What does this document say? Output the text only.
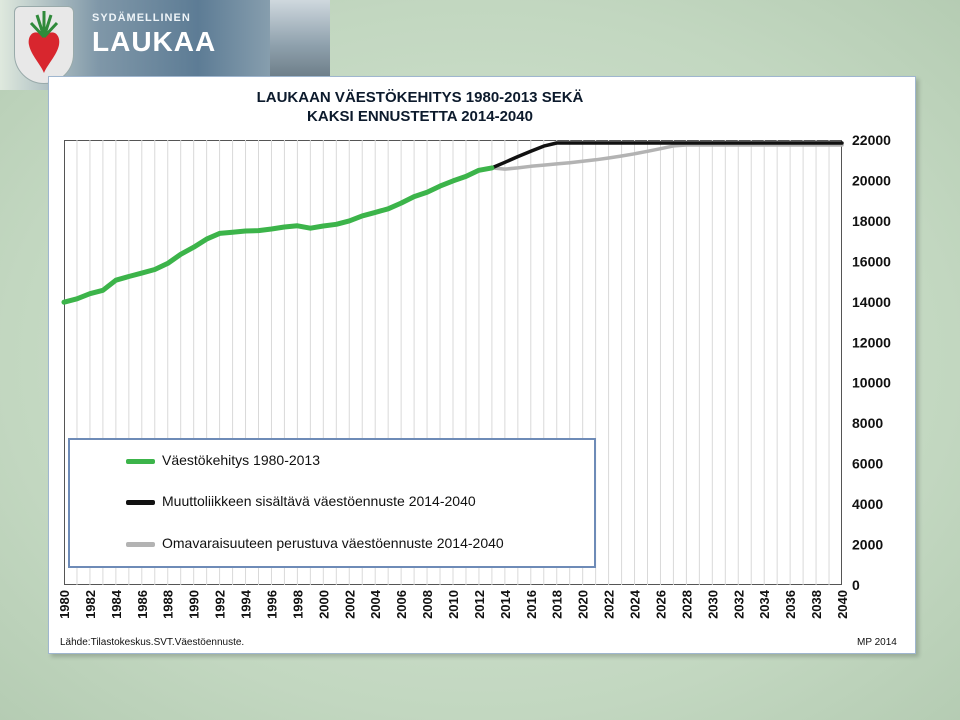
SYDÄMELLINEN
LAUKAA
LAUKAAN VÄESTÖKEHITYS 1980-2013 SEKÄ
KAKSI ENNUSTETTA 2014-2040
0
2000
4000
6000
8000
10000
12000
14000
16000
18000
20000
22000
1980 1982 1984 1986 1988 1990 1992 1994 1996 1998 2000 2002 2004 2006 2008 2010 2012 2014 2016 2018 2020 2022 2024 2026 2028 2030 2032 2034 2036 2038 2040
Väestökehitys 1980-2013
Muuttoliikkeen sisältävä väestöennuste 2014-2040
Omavaraisuuteen perustuva väestöennuste 2014-2040
Lähde:Tilastokeskus.SVT.Väestöennuste.	MP 2014
